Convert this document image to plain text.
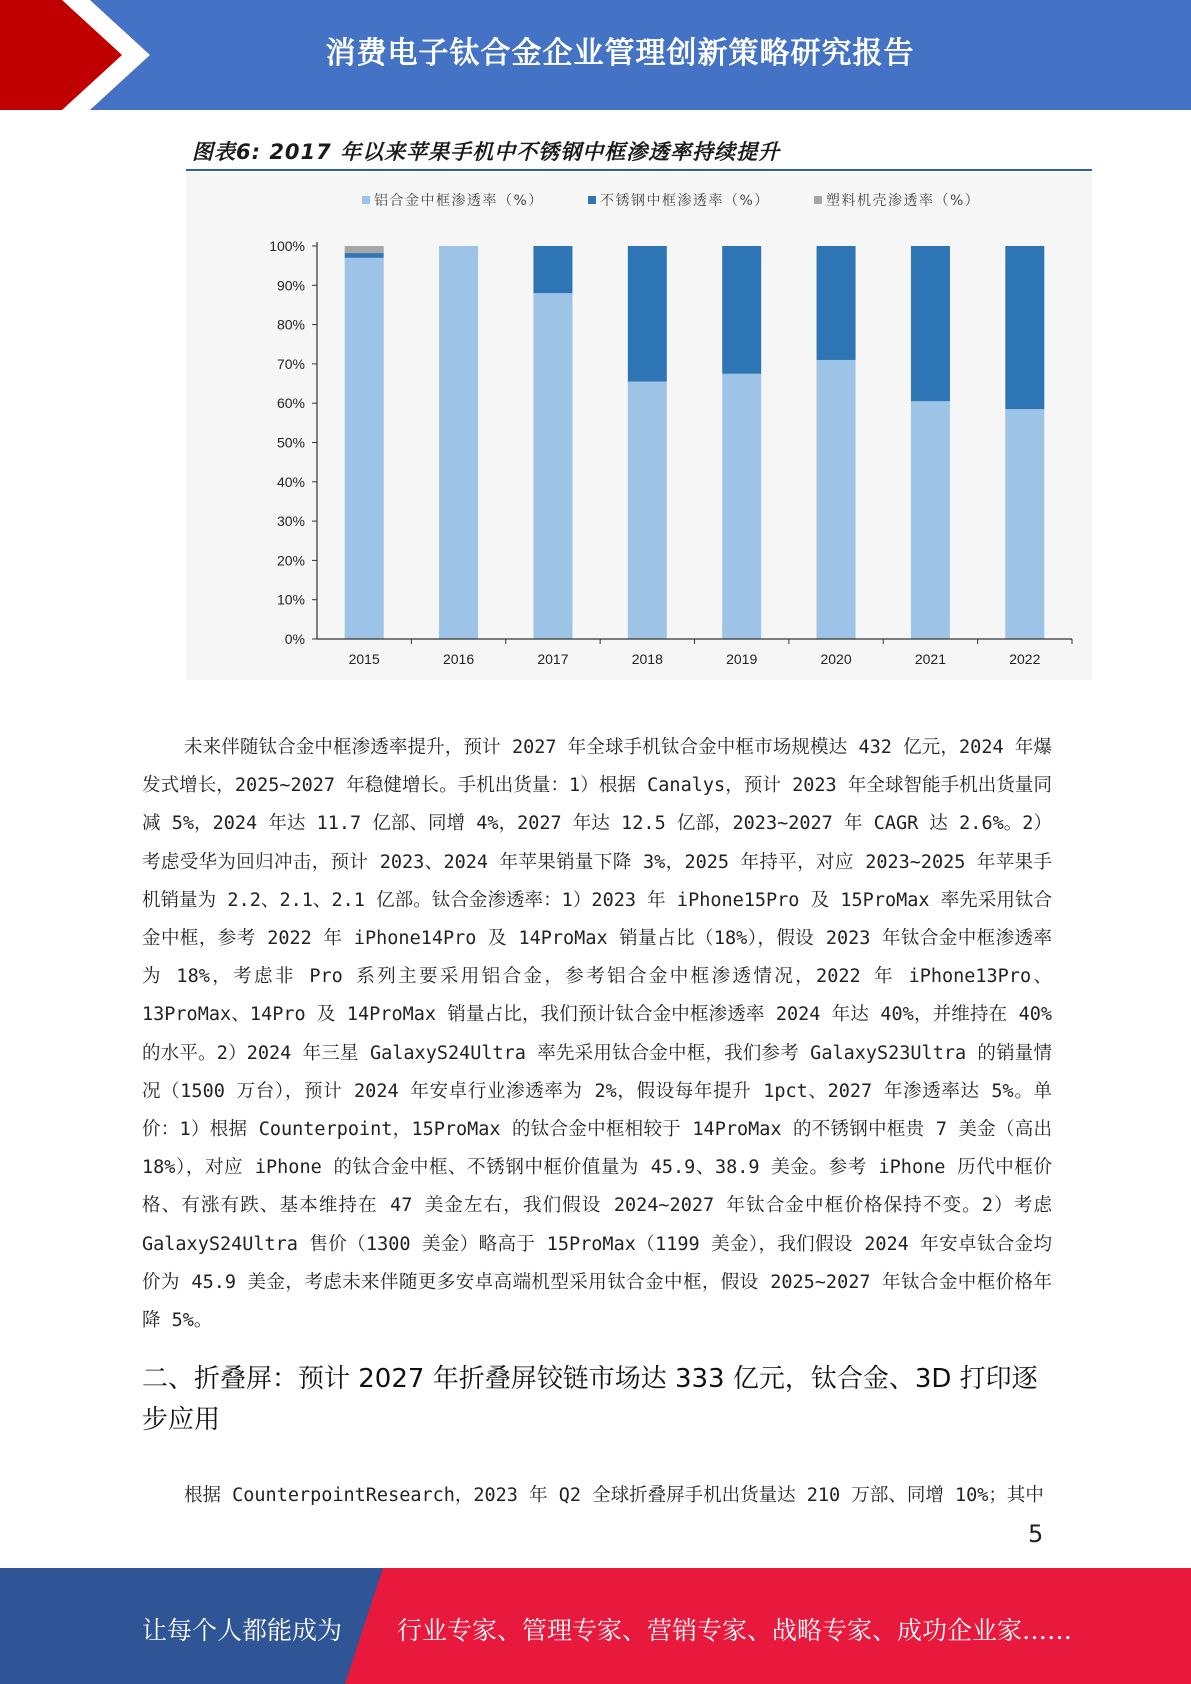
消费电子钛合金企业管理创新策略研究报告
图表6: 2017 年以来苹果手机中不锈钢中框渗透率持续提升
铝合金中框渗透率（%）	不锈钢中框渗透率（%）	塑料机壳渗透率（%）
0%
10%
20%
30%
40%
50%
60%
70%
80%
90%
100%
2015	2016	2017	2018	2019	2020	2021	2022

未来伴随钛合金中框渗透率提升，预计 2027 年全球手机钛合金中框市场规模达 432 亿元，2024 年爆发式增长，2025~2027 年稳健增长。手机出货量：1）根据 Canalys，预计 2023 年全球智能手机出货量同减 5%，2024 年达 11.7 亿部、同增 4%，2027 年达 12.5 亿部，2023~2027 年 CAGR 达 2.6%。2）考虑受华为回归冲击，预计 2023、2024 年苹果销量下降 3%，2025 年持平，对应 2023~2025 年苹果手机销量为 2.2、2.1、2.1 亿部。钛合金渗透率：1）2023 年 iPhone15Pro 及 15ProMax 率先采用钛合金中框，参考 2022 年 iPhone14Pro 及 14ProMax 销量占比（18%），假设 2023 年钛合金中框渗透率为 18%，考虑非 Pro 系列主要采用铝合金，参考铝合金中框渗透情况，2022 年 iPhone13Pro、13ProMax、14Pro 及 14ProMax 销量占比，我们预计钛合金中框渗透率 2024 年达 40%，并维持在 40%的水平。2）2024 年三星 GalaxyS24Ultra 率先采用钛合金中框，我们参考 GalaxyS23Ultra 的销量情况（1500 万台），预计 2024 年安卓行业渗透率为 2%，假设每年提升 1pct、2027 年渗透率达 5%。单价：1）根据 Counterpoint，15ProMax 的钛合金中框相较于 14ProMax 的不锈钢中框贵 7 美金（高出 18%），对应 iPhone 的钛合金中框、不锈钢中框价值量为 45.9、38.9 美金。参考 iPhone 历代中框价格、有涨有跌、基本维持在 47 美金左右，我们假设 2024~2027 年钛合金中框价格保持不变。2）考虑 GalaxyS24Ultra 售价（1300 美金）略高于 15ProMax（1199 美金），我们假设 2024 年安卓钛合金均价为 45.9 美金，考虑未来伴随更多安卓高端机型采用钛合金中框，假设 2025~2027 年钛合金中框价格年降 5%。

二、折叠屏：预计 2027 年折叠屏铰链市场达 333 亿元，钛合金、3D 打印逐步应用

根据 CounterpointResearch，2023 年 Q2 全球折叠屏手机出货量达 210 万部、同增 10%；其中

5
让每个人都能成为 行业专家、管理专家、营销专家、战略专家、成功企业家……
